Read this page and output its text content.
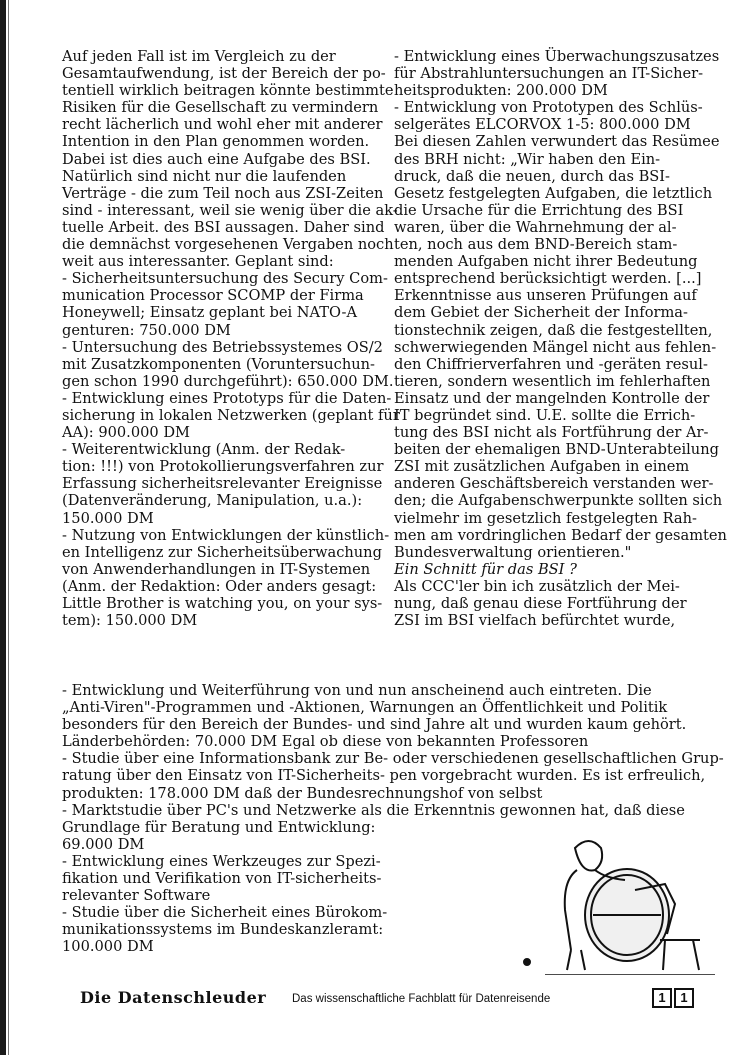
Auf jeden Fall ist im Vergleich zu der
Gesamtaufwendung, ist der Bereich der po-
tentiell wirklich beitragen könnte bestimmte
Risiken für die Gesellschaft zu vermindern
recht lächerlich und wohl eher mit anderer
Intention in den Plan genommen worden.
Dabei ist dies auch eine Aufgabe des BSI.
Natürlich sind nicht nur die laufenden
Verträge - die zum Teil noch aus ZSI-Zeiten
sind - interessant, weil sie wenig über die ak-
tuelle Arbeit. des BSI aussagen. Daher sind
die demnächst vorgesehenen Vergaben noch
weit aus interessanter. Geplant sind:
- Sicherheitsuntersuchung des Secury Com-
munication Processor SCOMP der Firma
Honeywell; Einsatz geplant bei NATO-A
genturen: 750.000 DM
- Untersuchung des Betriebssystemes OS/2
mit Zusatzkomponenten (Voruntersuchun-
gen schon 1990 durchgeführt): 650.000 DM.
- Entwicklung eines Prototyps für die Daten-
sicherung in lokalen Netzwerken (geplant für
AA): 900.000 DM
- Weiterentwicklung (Anm. der Redak-
tion: !!!) von Protokollierungsverfahren zur
Erfassung sicherheitsrelevanter Ereignisse
(Datenveränderung, Manipulation, u.a.):
150.000 DM
- Nutzung von Entwicklungen der künstlich-
en Intelligenz zur Sicherheitsüberwachung
von Anwenderhandlungen in IT-Systemen
(Anm. der Redaktion: Oder anders gesagt:
Little Brother is watching you, on your sys-
tem): 150.000 DM
- Entwicklung eines Überwachungszusatzes
für Abstrahluntersuchungen an IT-Sicher-
heitsprodukten: 200.000 DM
- Entwicklung von Prototypen des Schlüs-
selgerätes ELCORVOX 1-5: 800.000 DM
Bei diesen Zahlen verwundert das Resümee
des BRH nicht: „Wir haben den Ein-
druck, daß die neuen, durch das BSI-
Gesetz festgelegten Aufgaben, die letztlich
die Ursache für die Errichtung des BSI
waren, über die Wahrnehmung der al-
ten, noch aus dem BND-Bereich stam-
menden Aufgaben nicht ihrer Bedeutung
entsprechend berücksichtigt werden. [...]
Erkenntnisse aus unseren Prüfungen auf
dem Gebiet der Sicherheit der Informa-
tionstechnik zeigen, daß die festgestellten,
schwerwiegenden Mängel nicht aus fehlen-
den Chiffrierverfahren und -geräten resul-
tieren, sondern wesentlich im fehlerhaften
Einsatz und der mangelnden Kontrolle der
IT begründet sind. U.E. sollte die Errich-
tung des BSI nicht als Fortführung der Ar-
beiten der ehemaligen BND-Unterabteilung
ZSI mit zusätzlichen Aufgaben in einem
anderen Geschäftsbereich verstanden wer-
den; die Aufgabenschwerpunkte sollten sich
vielmehr im gesetzlich festgelegten Rah-
men am vordringlichen Bedarf der gesamten
Bundesverwaltung orientieren."
Ein Schnitt für das BSI ?
Als CCC'ler bin ich zusätzlich der Mei-
nung, daß genau diese Fortführung der
ZSI im BSI vielfach befürchtet wurde,
- Entwicklung und Weiterführung von und nun anscheinend auch eintreten. Die
„Anti-Viren"-Programmen und -Aktionen, Warnungen an Öffentlichkeit und Politik
besonders für den Bereich der Bundes- und sind Jahre alt und wurden kaum gehört.
Länderbehörden: 70.000 DM Egal ob diese von bekannten Professoren
- Studie über eine Informationsbank zur Be- oder verschiedenen gesellschaftlichen Grup-
ratung über den Einsatz von IT-Sicherheits- pen vorgebracht wurden. Es ist erfreulich,
produkten: 178.000 DM daß der Bundesrechnungshof von selbst
- Marktstudie über PC's und Netzwerke als die Erkenntnis gewonnen hat, daß diese
Grundlage für Beratung und Entwicklung:
69.000 DM
- Entwicklung eines Werkzeuges zur Spezi-
fikation und Verifikation von IT-sicherheits-
relevanter Software
- Studie über die Sicherheit eines Bürokom-
munikationssystems im Bundeskanzleramt:
100.000 DM
Die Datenschleuder Das wissenschaftliche Fachblatt für Datenreisende	1	1
